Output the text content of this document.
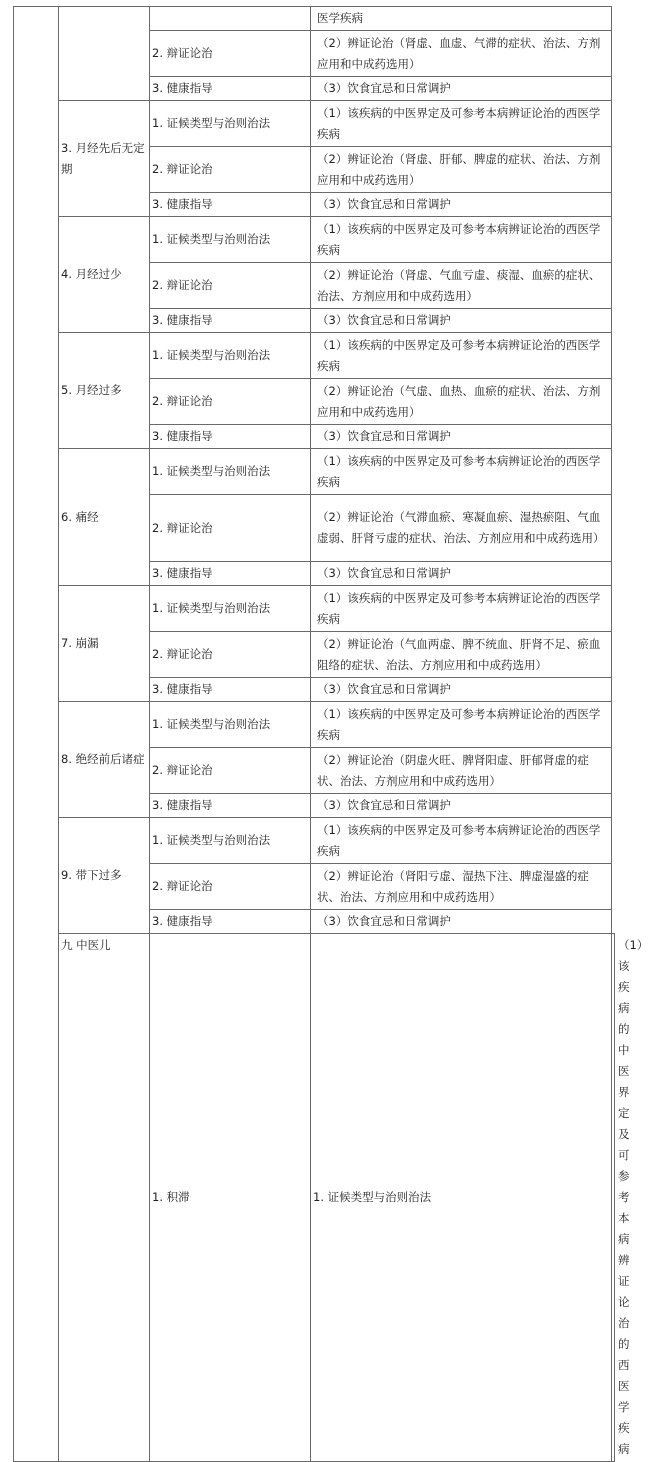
			医学疾病	
		2. 辩证论治	（2）辨证论治（肾虚、血虚、气滞的症状、治法、方剂应用和中成药选用）	
		3. 健康指导	（3）饮食宜忌和日常调护	
	3. 月经先后无定期	1. 证候类型与治则治法	（1）该疾病的中医界定及可参考本病辨证论治的西医学疾病	
		2. 辩证论治	（2）辨证论治（肾虚、肝郁、脾虚的症状、治法、方剂应用和中成药选用）	
		3. 健康指导	（3）饮食宜忌和日常调护	
	4. 月经过少	1. 证候类型与治则治法	（1）该疾病的中医界定及可参考本病辨证论治的西医学疾病	
		2. 辩证论治	（2）辨证论治（肾虚、气血亏虚、痰湿、血瘀的症状、治法、方剂应用和中成药选用）	
		3. 健康指导	（3）饮食宜忌和日常调护	
	5. 月经过多	1. 证候类型与治则治法	（1）该疾病的中医界定及可参考本病辨证论治的西医学疾病	
		2. 辩证论治	（2）辨证论治（气虚、血热、血瘀的症状、治法、方剂应用和中成药选用）	
		3. 健康指导	（3）饮食宜忌和日常调护	
	6. 痛经	1. 证候类型与治则治法	（1）该疾病的中医界定及可参考本病辨证论治的西医学疾病	
		2. 辩证论治	（2）辨证论治（气滞血瘀、寒凝血瘀、湿热瘀阻、气血虚弱、肝肾亏虚的症状、治法、方剂应用和中成药选用）	
		3. 健康指导	（3）饮食宜忌和日常调护	
	7. 崩漏	1. 证候类型与治则治法	（1）该疾病的中医界定及可参考本病辨证论治的西医学疾病	
		2. 辩证论治	（2）辨证论治（气血两虚、脾不统血、肝肾不足、瘀血阻络的症状、治法、方剂应用和中成药选用）	
		3. 健康指导	（3）饮食宜忌和日常调护	
	8. 绝经前后诸症	1. 证候类型与治则治法	（1）该疾病的中医界定及可参考本病辨证论治的西医学疾病	
		2. 辩证论治	（2）辨证论治（阴虚火旺、脾肾阳虚、肝郁肾虚的症状、治法、方剂应用和中成药选用）	
		3. 健康指导	（3）饮食宜忌和日常调护	
	9. 带下过多	1. 证候类型与治则治法	（1）该疾病的中医界定及可参考本病辨证论治的西医学疾病	
		2. 辩证论治	（2）辨证论治（肾阳亏虚、湿热下注、脾虚湿盛的症状、治法、方剂应用和中成药选用）	
		3. 健康指导	（3）饮食宜忌和日常调护	
	九 中医儿	1. 积滞	1. 证候类型与治则治法	（1）该疾病的中医界定及可参考本病辨证论治的西医学疾病
